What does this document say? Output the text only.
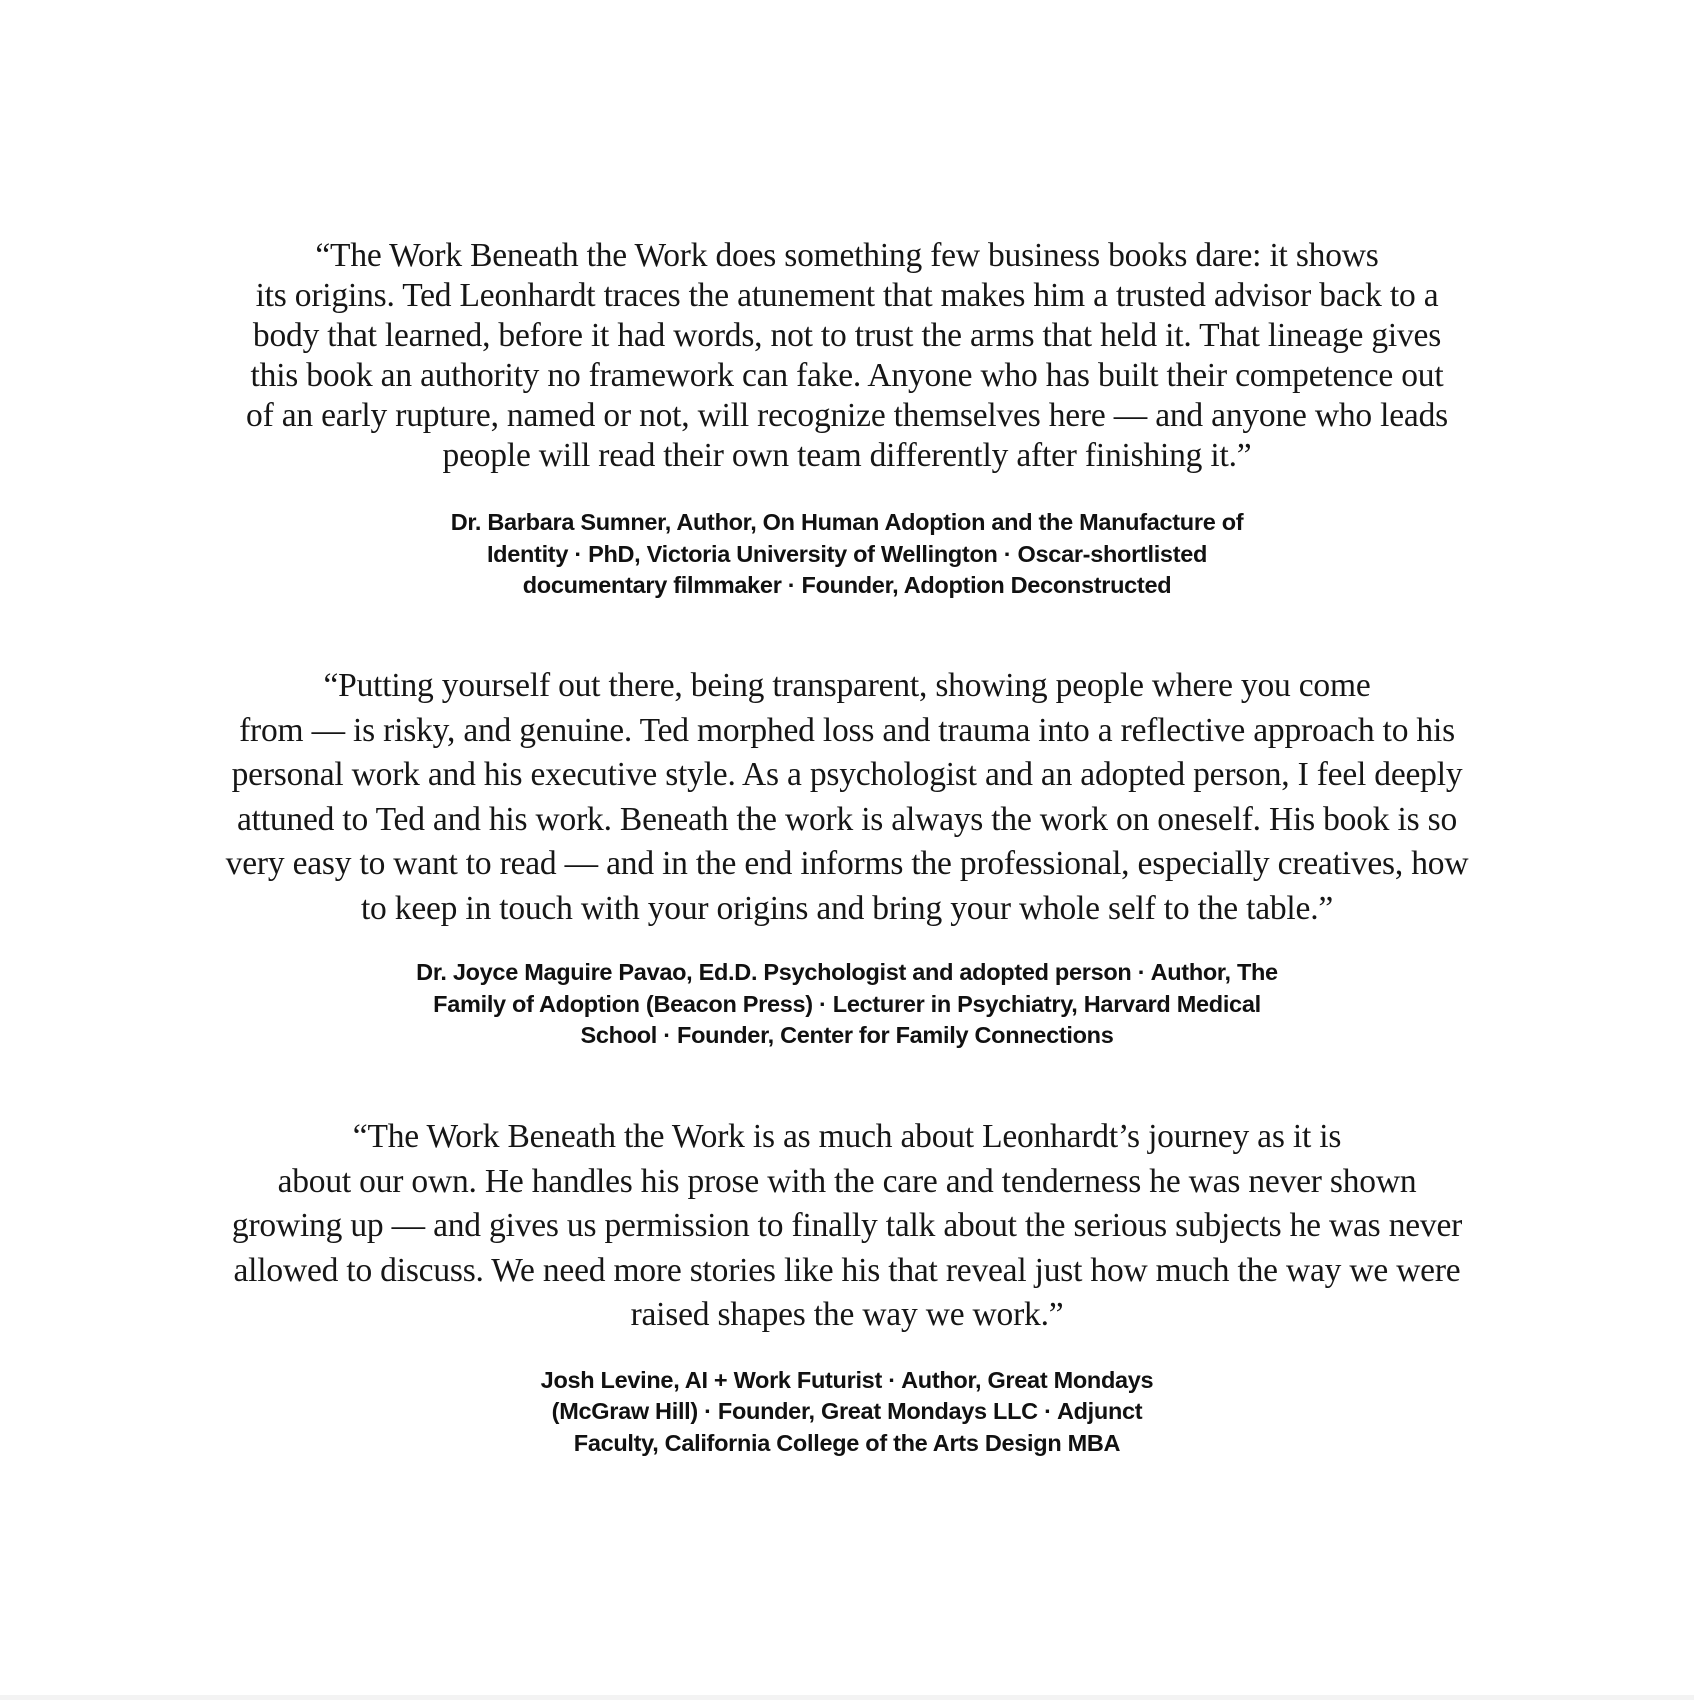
“The Work Beneath the Work does something few business books dare: it shows
its origins. Ted Leonhardt traces the atunement that makes him a trusted advisor back to a
body that learned, before it had words, not to trust the arms that held it. That lineage gives
this book an authority no framework can fake. Anyone who has built their competence out
of an early rupture, named or not, will recognize themselves here — and anyone who leads
people will read their own team differently after finishing it.”

Dr. Barbara Sumner, Author, On Human Adoption and the Manufacture of
Identity · PhD, Victoria University of Wellington · Oscar-shortlisted
documentary filmmaker · Founder, Adoption Deconstructed

“Putting yourself out there, being transparent, showing people where you come
from — is risky, and genuine. Ted morphed loss and trauma into a reflective approach to his
personal work and his executive style. As a psychologist and an adopted person, I feel deeply
attuned to Ted and his work. Beneath the work is always the work on oneself. His book is so
very easy to want to read — and in the end informs the professional, especially creatives, how
to keep in touch with your origins and bring your whole self to the table.”

Dr. Joyce Maguire Pavao, Ed.D. Psychologist and adopted person · Author, The
Family of Adoption (Beacon Press) · Lecturer in Psychiatry, Harvard Medical
School · Founder, Center for Family Connections

“The Work Beneath the Work is as much about Leonhardt’s journey as it is
about our own. He handles his prose with the care and tenderness he was never shown
growing up — and gives us permission to finally talk about the serious subjects he was never
allowed to discuss. We need more stories like his that reveal just how much the way we were
raised shapes the way we work.”

Josh Levine, AI + Work Futurist · Author, Great Mondays
(McGraw Hill) · Founder, Great Mondays LLC · Adjunct
Faculty, California College of the Arts Design MBA
